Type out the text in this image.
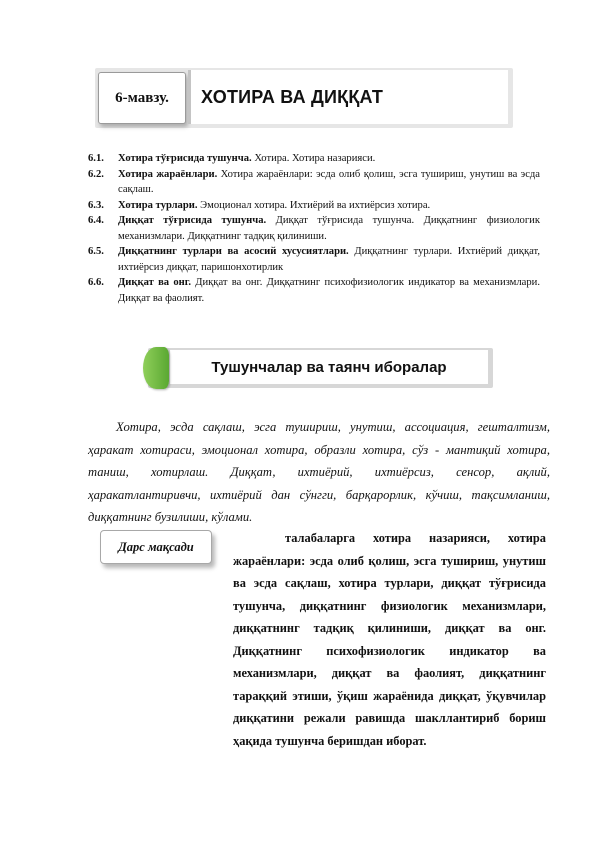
6-мавзу.	ХОТИРА ВА ДИҚҚАТ
6.1.	Хотира тўғрисида тушунча. Хотира. Хотира назарияси.
6.2.	Хотира жараёнлари. Хотира жараёнлари: эсда олиб қолиш, эсга тушириш, унутиш ва эсда сақлаш.
6.3.	Хотира турлари. Эмоционал хотира. Ихтиёрий ва ихтиёрсиз хотира.
6.4.	Диққат тўғрисида тушунча. Диққат тўғрисида тушунча. Диққатнинг физиологик механизмлари. Диққатнинг тадқиқ қилиниши.
6.5.	Диққатнинг турлари ва асосий хусусиятлари. Диққатнинг турлари. Ихтиёрий диққат, ихтиёрсиз диққат, паришонхотирлик
6.6.	Диққат ва онг. Диққат ва онг. Диққатнинг психофизиологик индикатор ва механизмлари. Диққат ва фаолият.
Тушунчалар ва таянч иборалар
Хотира, эсда сақлаш, эсга тушириш, унутиш, ассоциация, гешталтизм, ҳаракат хотираси, эмоционал хотира, образли хотира, сўз - мантиқий хотира, таниш, хотирлаш. Диққат, ихтиёрий, ихтиёрсиз, сенсор, ақлий, ҳаракатлантиривчи, ихтиёрий дан сўнгги, барқарорлик, кўчиш, тақсимланиш, диққатнинг бузилиши, кўлами.
Дарс мақсади
талабаларга хотира назарияси, хотира жараёнлари: эсда олиб қолиш, эсга тушириш, унутиш ва эсда сақлаш, хотира турлари, диққат тўғрисида тушунча, диққатнинг физиологик механизмлари, диққатнинг тадқиқ қилиниши, диққат ва онг. Диққатнинг психофизиологик индикатор ва механизмлари, диққат ва фаолият, диққатнинг тараққий этиши, ўқиш жараёнида диққат, ўқувчилар диққатини режали равишда шакллантириб бориш ҳақида тушунча беришдан иборат.
